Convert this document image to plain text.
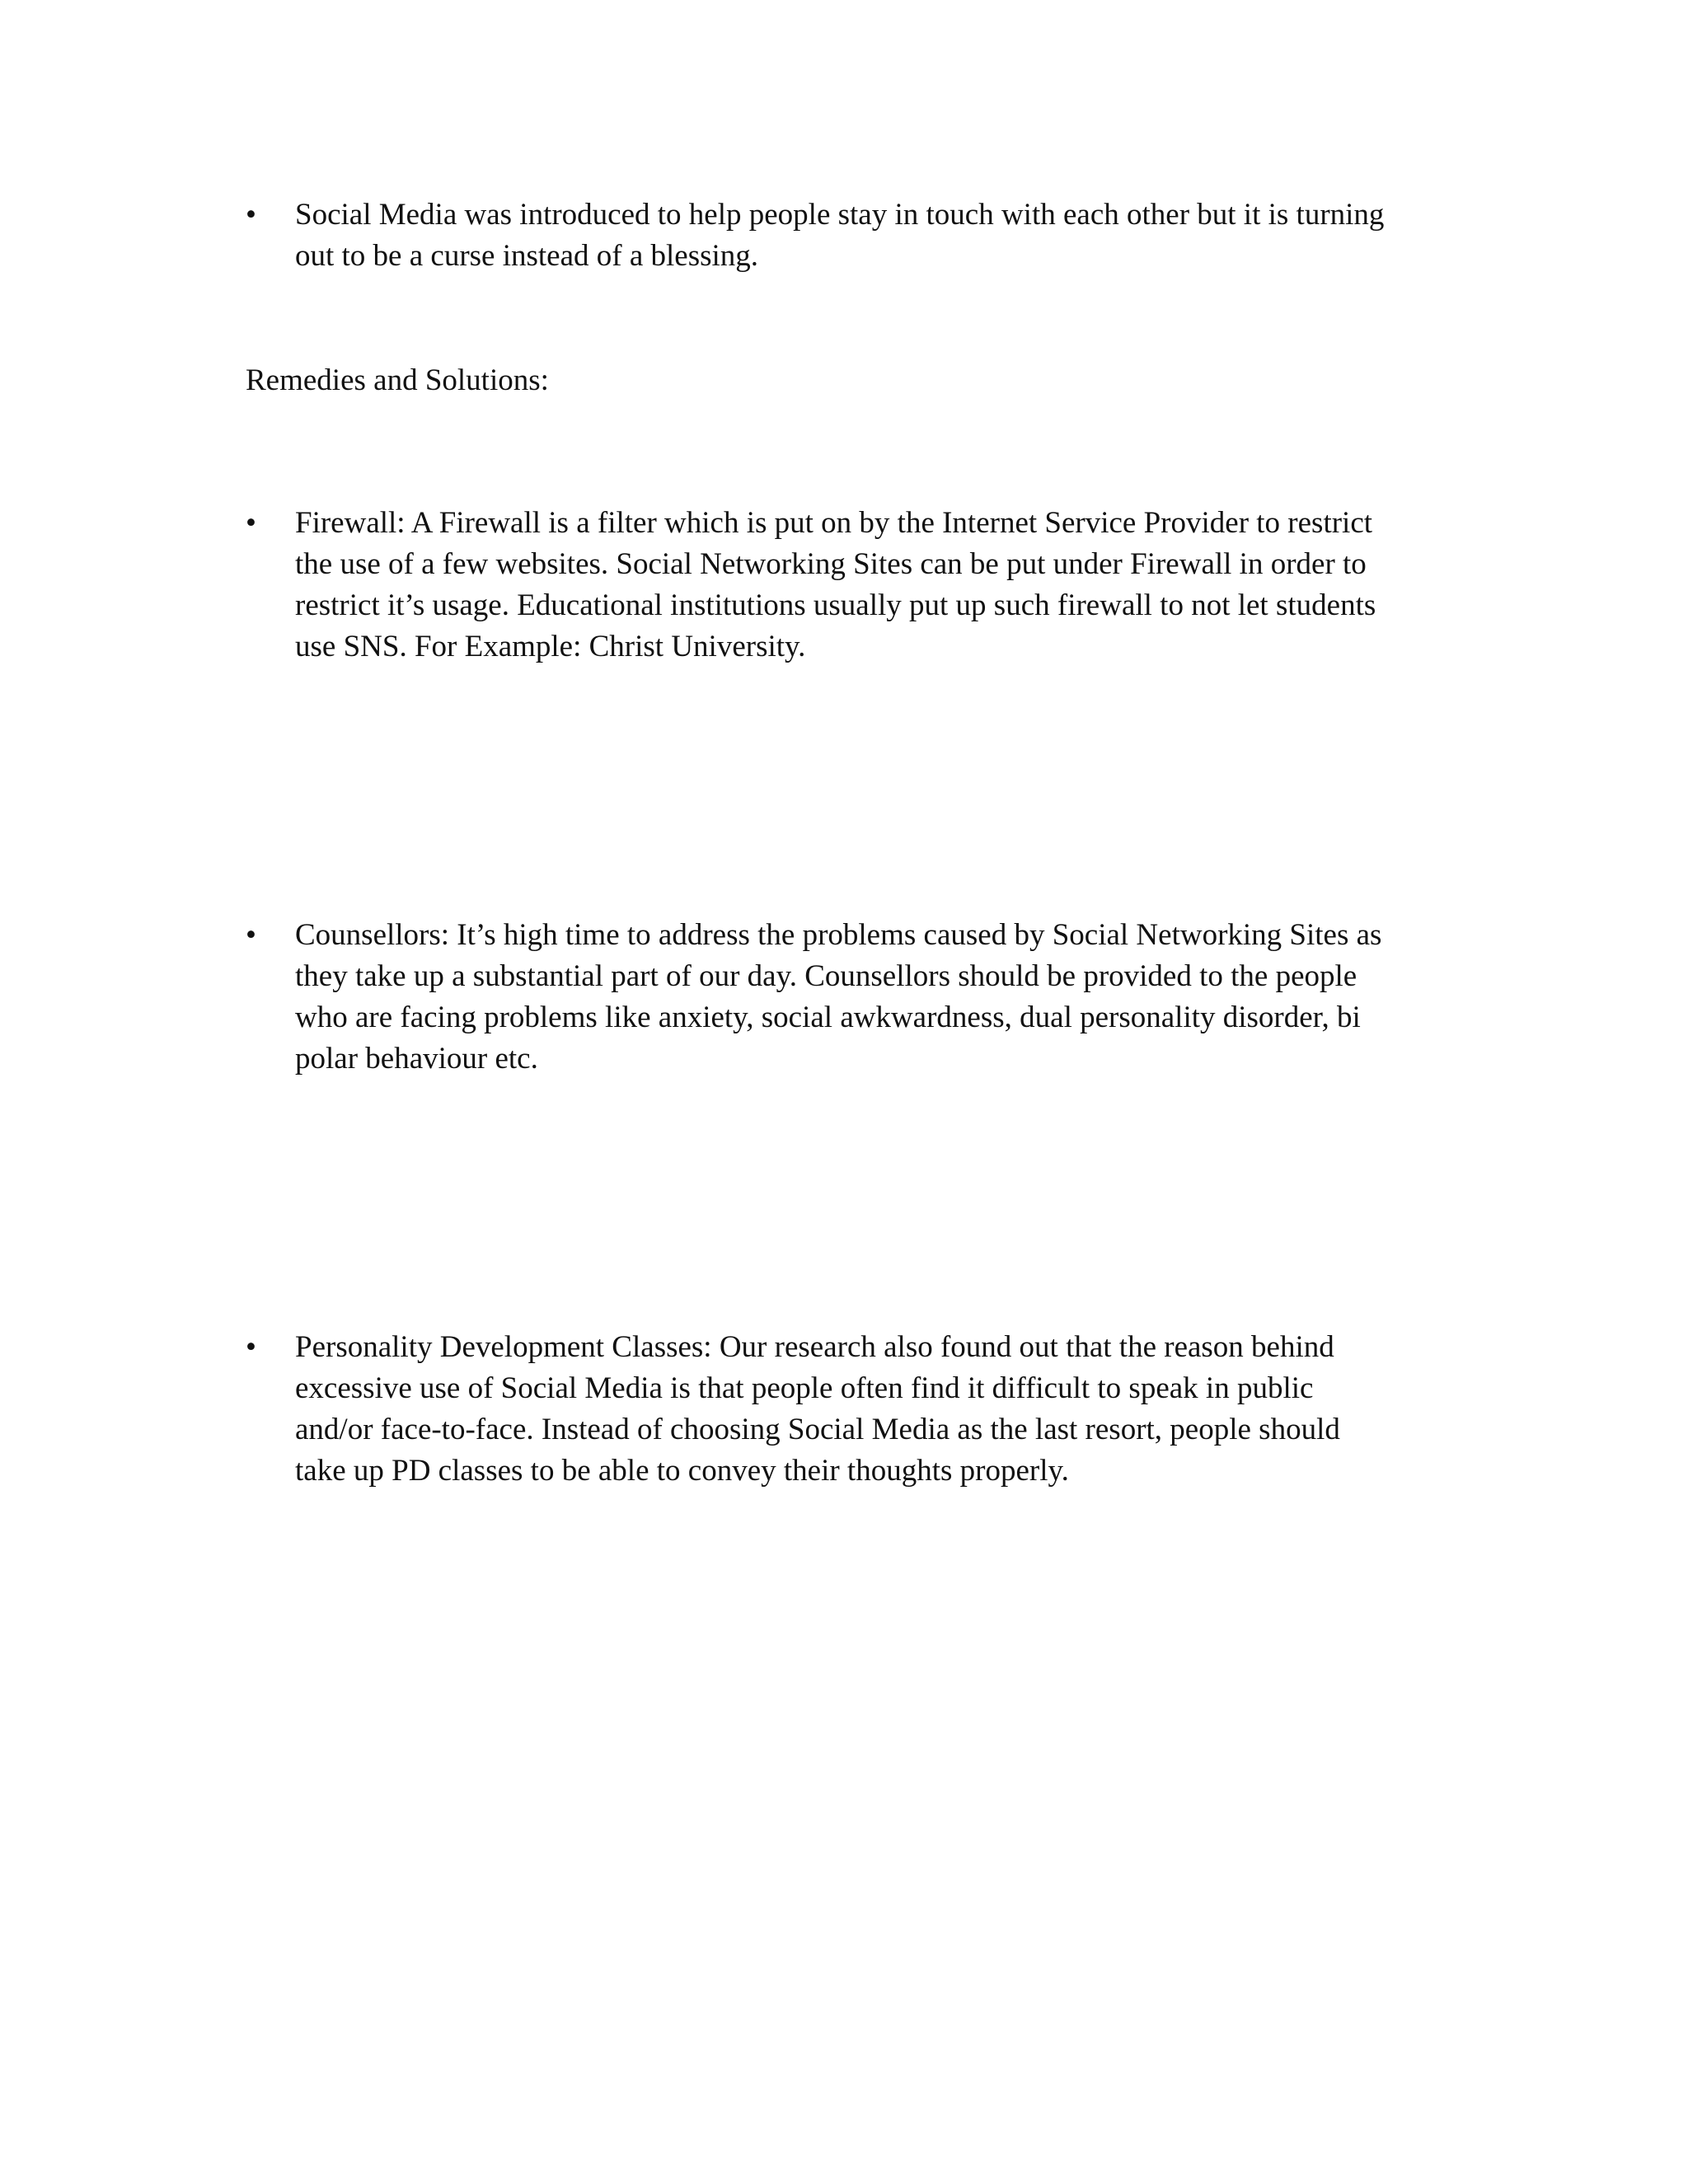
•	Social Media was introduced to help people stay in touch with each other but it is turning
out to be a curse instead of a blessing.
Remedies and Solutions:
•	Firewall: A Firewall is a filter which is put on by the Internet Service Provider to restrict
the use of a few websites. Social Networking Sites can be put under Firewall in order to
restrict it’s usage. Educational institutions usually put up such firewall to not let students
use SNS. For Example: Christ University.
•	Counsellors: It’s high time to address the problems caused by Social Networking Sites as
they take up a substantial part of our day. Counsellors should be provided to the people
who are facing problems like anxiety, social awkwardness, dual personality disorder, bi
polar behaviour etc.
•	Personality Development Classes: Our research also found out that the reason behind
excessive use of Social Media is that people often find it difficult to speak in public
and/or face-to-face. Instead of choosing Social Media as the last resort, people should
take up PD classes to be able to convey their thoughts properly.
